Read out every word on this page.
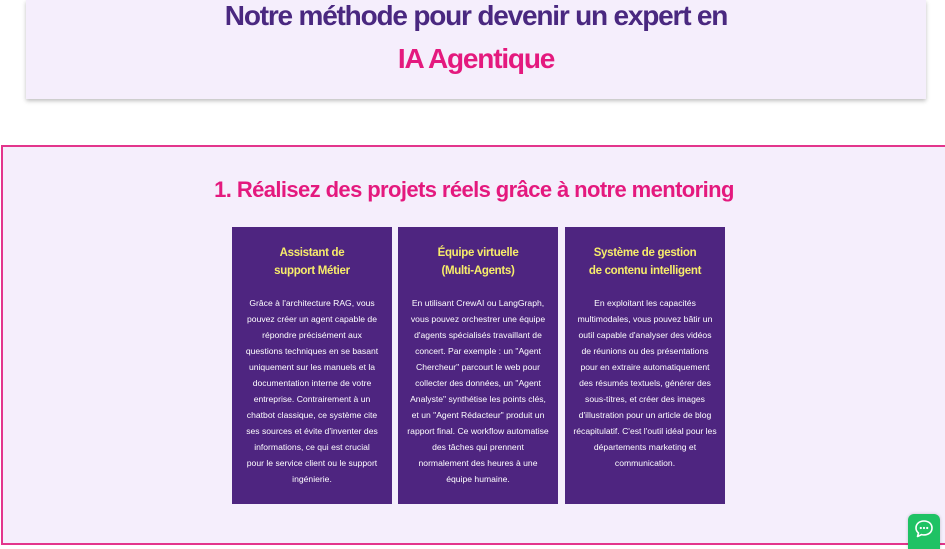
Notre méthode pour devenir un expert en
IA Agentique
1. Réalisez des projets réels grâce à notre mentoring
Assistant de support Métier
Grâce à l'architecture RAG, vous pouvez créer un agent capable de répondre précisément aux questions techniques en se basant uniquement sur les manuels et la documentation interne de votre entreprise. Contrairement à un chatbot classique, ce système cite ses sources et évite d'inventer des informations, ce qui est crucial pour le service client ou le support ingénierie.
Équipe virtuelle (Multi-Agents)
En utilisant CrewAI ou LangGraph, vous pouvez orchestrer une équipe d'agents spécialisés travaillant de concert. Par exemple : un "Agent Chercheur" parcourt le web pour collecter des données, un "Agent Analyste" synthétise les points clés, et un "Agent Rédacteur" produit un rapport final. Ce workflow automatise des tâches qui prennent normalement des heures à une équipe humaine.
Système de gestion de contenu intelligent
En exploitant les capacités multimodales, vous pouvez bâtir un outil capable d'analyser des vidéos de réunions ou des présentations pour en extraire automatiquement des résumés textuels, générer des sous-titres, et créer des images d'illustration pour un article de blog récapitulatif. C'est l'outil idéal pour les départements marketing et communication.
